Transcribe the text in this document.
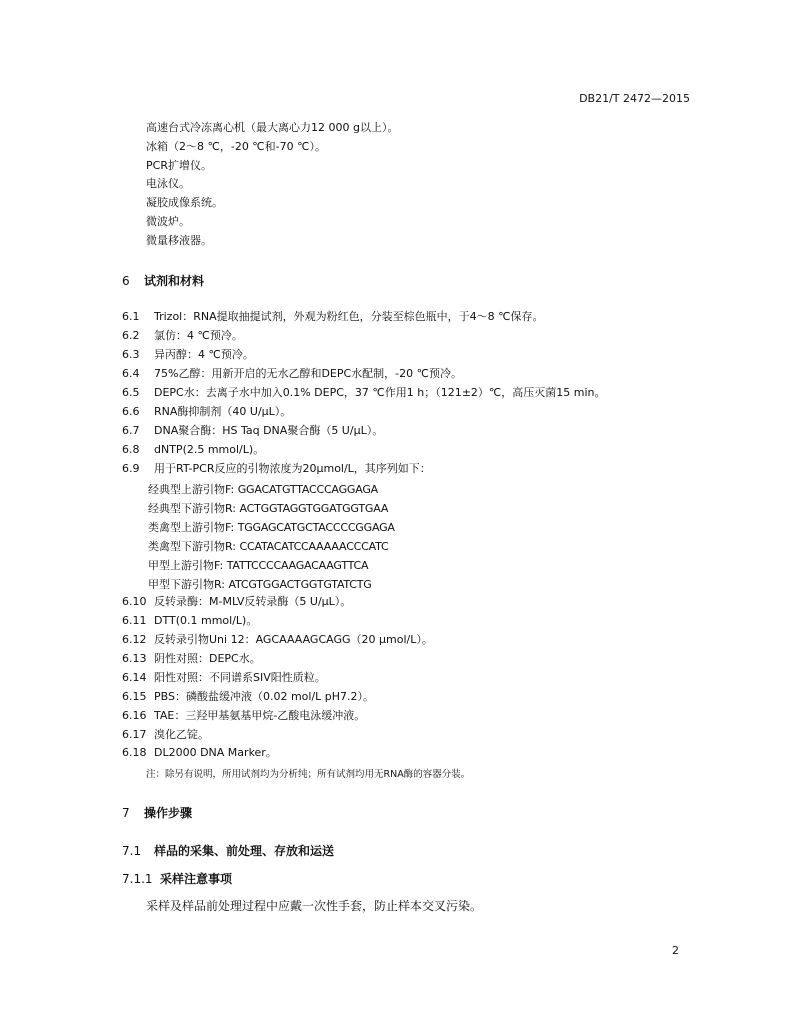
DB21/T 2472—2015
高速台式冷冻离心机（最大离心力12 000 g以上）。
冰箱（2～8 ℃，-20 ℃和-70 ℃）。
PCR扩增仪。
电泳仪。
凝胶成像系统。
微波炉。
微量移液器。
6 试剂和材料
6.1 Trizol：RNA提取抽提试剂，外观为粉红色，分装至棕色瓶中，于4～8 ℃保存。
6.2 氯仿：4 ℃预冷。
6.3 异丙醇：4 ℃预冷。
6.4 75%乙醇：用新开启的无水乙醇和DEPC水配制，-20 ℃预冷。
6.5 DEPC水：去离子水中加入0.1% DEPC，37 ℃作用1 h；（121±2）℃，高压灭菌15 min。
6.6 RNA酶抑制剂（40 U/μL）。
6.7 DNA聚合酶：HS Taq DNA聚合酶（5 U/μL）。
6.8 dNTP(2.5 mmol/L)。
6.9 用于RT-PCR反应的引物浓度为20μmol/L，其序列如下：
经典型上游引物F: GGACATGTTACCCAGGAGA
经典型下游引物R: ACTGGTAGGTGGATGGTGAA
类禽型上游引物F: TGGAGCATGCTACCCCGGAGA
类禽型下游引物R: CCATACATCCAAAAACCCATC
甲型上游引物F: TATTCCCCAAGACAAGTTCA
甲型下游引物R: ATCGTGGACTGGTGTATCTG
6.10 反转录酶：M-MLV反转录酶（5 U/μL）。
6.11 DTT(0.1 mmol/L)。
6.12 反转录引物Uni 12：AGCAAAAGCAGG（20 μmol/L）。
6.13 阴性对照：DEPC水。
6.14 阳性对照：不同谱系SIV阳性质粒。
6.15 PBS：磷酸盐缓冲液（0.02 mol/L pH7.2）。
6.16 TAE：三羟甲基氨基甲烷-乙酸电泳缓冲液。
6.17 溴化乙锭。
6.18 DL2000 DNA Marker。
注：除另有说明，所用试剂均为分析纯；所有试剂均用无RNA酶的容器分装。
7 操作步骤
7.1 样品的采集、前处理、存放和运送
7.1.1 采样注意事项
采样及样品前处理过程中应戴一次性手套，防止样本交叉污染。
2
